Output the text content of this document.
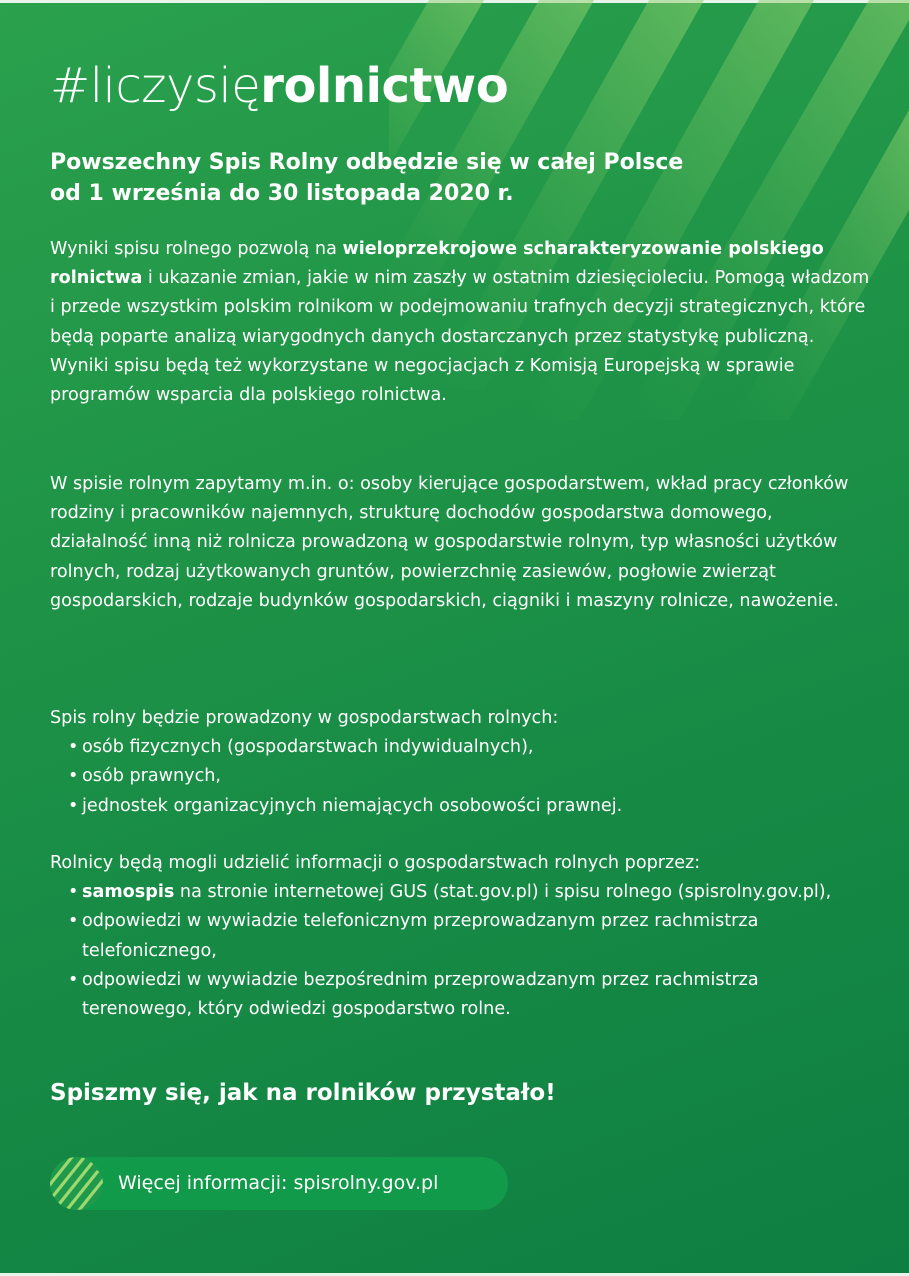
#liczysięrolnictwo
Powszechny Spis Rolny odbędzie się w całej Polsce
od 1 września do 30 listopada 2020 r.
Wyniki spisu rolnego pozwolą na wieloprzekrojowe scharakteryzowanie polskiego rolnictwa i ukazanie zmian, jakie w nim zaszły w ostatnim dziesięcioleciu. Pomogą władzom i przede wszystkim polskim rolnikom w podejmowaniu trafnych decyzji strategicznych, które będą poparte analizą wiarygodnych danych dostarczanych przez statystykę publiczną. Wyniki spisu będą też wykorzystane w negocjacjach z Komisją Europejską w sprawie programów wsparcia dla polskiego rolnictwa.
W spisie rolnym zapytamy m.in. o: osoby kierujące gospodarstwem, wkład pracy członków rodziny i pracowników najemnych, strukturę dochodów gospodarstwa domowego, działalność inną niż rolnicza prowadzoną w gospodarstwie rolnym, typ własności użytków rolnych, rodzaj użytkowanych gruntów, powierzchnię zasiewów, pogłowie zwierząt gospodarskich, rodzaje budynków gospodarskich, ciągniki i maszyny rolnicze, nawożenie.
Spis rolny będzie prowadzony w gospodarstwach rolnych:
• osób fizycznych (gospodarstwach indywidualnych),
• osób prawnych,
• jednostek organizacyjnych niemających osobowości prawnej.
Rolnicy będą mogli udzielić informacji o gospodarstwach rolnych poprzez:
• samospis na stronie internetowej GUS (stat.gov.pl) i spisu rolnego (spisrolny.gov.pl),
• odpowiedzi w wywiadzie telefonicznym przeprowadzanym przez rachmistrza telefonicznego,
• odpowiedzi w wywiadzie bezpośrednim przeprowadzanym przez rachmistrza terenowego, który odwiedzi gospodarstwo rolne.
Spiszmy się, jak na rolników przystało!
Więcej informacji: spisrolny.gov.pl
